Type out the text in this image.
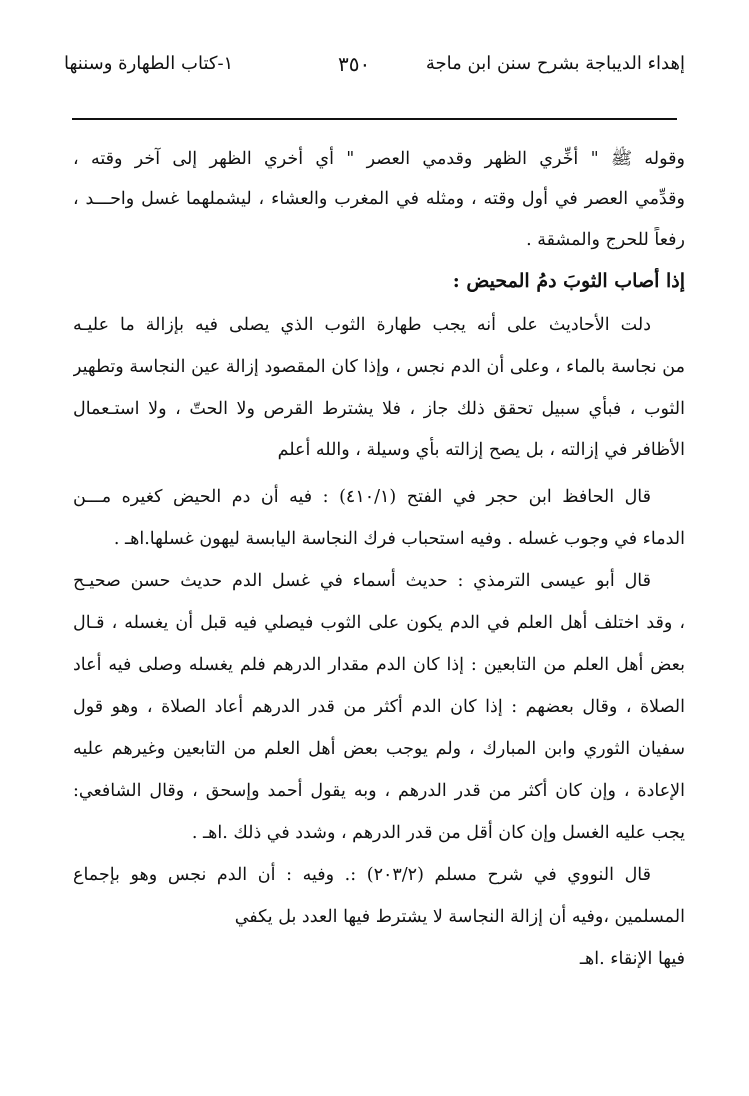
إهداء الديباجة بشرح سنن ابن ماجة
٣٥٠
١-كتاب الطهارة وسننها
وقوله ﷺ " أخِّري الظهر وقدمي العصر " أي أخري الظهر إلى آخر وقته ،
وقدِّمي العصر في أول وقته ، ومثله في المغرب والعشاء ، ليشملهما غسل واحـــد ،
رفعاً للحرج والمشقة .
إذا أصاب الثوبَ دمُ المحيض :
دلت الأحاديث على أنه يجب طهارة الثوب الذي يصلى فيه بإزالة ما عليـه
من نجاسة بالماء ، وعلى أن الدم نجس ، وإذا كان المقصود إزالة عين النجاسة وتطهير
الثوب ، فبأي سبيل تحقق ذلك جاز ، فلا يشترط القرص ولا الحتّ ، ولا استـعمال
الأظافر في إزالته ، بل يصح إزالته بأي وسيلة ، والله أعلم
قال الحافظ ابن حجر في الفتح (٤١٠/١) : فيه أن دم الحيض كغيره مـــن
الدماء في وجوب غسله . وفيه استحباب فرك النجاسة اليابسة ليهون غسلها.اهـ .
قال أبو عيسى الترمذي : حديث أسماء في غسل الدم حديث حسن صحيـح
، وقد اختلف أهل العلم في الدم يكون على الثوب فيصلي فيه قبل أن يغسله ، قـال
بعض أهل العلم من التابعين : إذا كان الدم مقدار الدرهم فلم يغسله وصلى فيه أعاد
الصلاة ، وقال بعضهم : إذا كان الدم أكثر من قدر الدرهم أعاد الصلاة ، وهو قول
سفيان الثوري وابن المبارك ، ولم يوجب بعض أهل العلم من التابعين وغيرهم عليه
الإعادة ، وإن كان أكثر من قدر الدرهم ، وبه يقول أحمد وإسحق ، وقال الشافعي:
يجب عليه الغسل وإن كان أقل من قدر الدرهم ، وشدد في ذلك .اهـ .
قال النووي في شرح مسلم (٢٠٣/٢) :. وفيه : أن الدم نجس وهو بإجماع
المسلمين ،وفيه أن إزالة النجاسة لا يشترط فيها العدد بل يكفي
فيها الإنقاء .اهـ
